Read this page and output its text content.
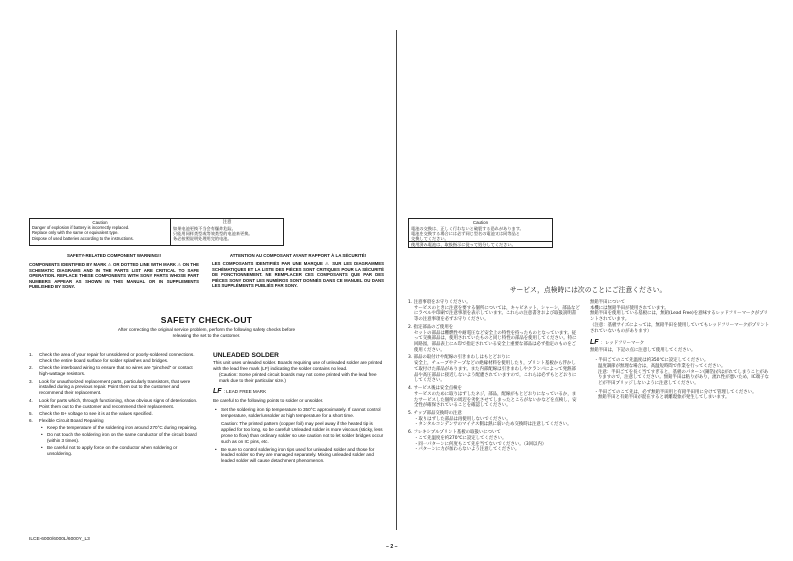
Caution
Danger of explosion if battery is incorrectly replaced.
Replace only with the same or equivalent type.
Dispose of used batteries according to the instructions.
注意
如果电池更换不当会有爆炸危险。
只能用同样类型或等效类型的电池来更换。
务必按照说明处理用完的电池。
SAFETY-RELATED COMPONENT WARNING!!
COMPONENTS IDENTIFIED BY MARK ⚠ OR DOTTED LINE WITH MARK ⚠ ON THE SCHEMATIC DIAGRAMS AND IN THE PARTS LIST ARE CRITICAL TO SAFE OPERATION. REPLACE THESE COMPONENTS WITH SONY PARTS WHOSE PART NUMBERS APPEAR AS SHOWN IN THIS MANUAL OR IN SUPPLEMENTS PUBLISHED BY SONY.
ATTENTION AU COMPOSANT AYANT RAPPORT À LA SÉCURITÉ!
LES COMPOSANTS IDENTIFIÉS PAR UNE MARQUE ⚠ SUR LES DIAGRAMMES SCHÉMATIQUES ET LA LISTE DES PIÈCES SONT CRITIQUES POUR LA SÉCURITÉ DE FONCTIONNEMENT. NE REMPLACER CES COMPOSANTS QUE PAR DES PIÈCES SONY DONT LES NUMÉROS SONT DONNÉS DANS CE MANUEL OU DANS LES SUPPLÉMENTS PUBLIÉS PAR SONY.
SAFETY CHECK-OUT
After correcting the original service problem, perform the following safety checks before releasing the set to the customer.
1. Check the area of your repair for unsoldered or poorly-soldered connections. Check the entire board surface for solder splashes and bridges.
2. Check the interboard wiring to ensure that no wires are "pinched" or contact high-wattage resistors.
3. Look for unauthorized replacement parts, particularly transistors, that were installed during a previous repair. Point them out to the customer and recommend their replacement.
4. Look for parts which, through functioning, show obvious signs of deterioration. Point them out to the customer and recommend their replacement.
5. Check the B+ voltage to see it is at the values specified.
6. Flexible Circuit Board Repairing
• Keep the temperature of the soldering iron around 270°C during repairing.
• Do not touch the soldering iron on the same conductor of the circuit board (within 3 times).
• Be careful not to apply force on the conductor when soldering or unsoldering.
UNLEADED SOLDER
This unit uses unleaded solder. Boards requiring use of unleaded solder are printed with the lead free mark (LF) indicating the solder contains no lead.
(Caution: Some printed circuit boards may not come printed with the lead free mark due to their particular size.)
LF : LEAD FREE MARK
Be careful to the following points to solder or unsolder.
• Set the soldering iron tip temperature to 350°C approximately. If cannot control temperature, solder/unsolder at high temperature for a short time.
Caution: The printed pattern (copper foil) may peel away if the heated tip is applied for too long, so be careful! Unleaded solder is more viscous (sticky, less prone to flow) than ordinary solder so use caution not to let solder bridges occur such as on IC pins, etc.
• Be sure to control soldering iron tips used for unleaded solder and those for leaded solder so they are managed separately. Mixing unleaded solder and leaded solder will cause detachment phenomenon.
ILCE-6000/6000L/6000Y_L3
– 2 –
Caution
電池の交換は、正しく行わないと破裂する恐れがあります。
電池を交換する場合には必ず同じ型名の電池又は同等品と
交換してください。
使用済み電池は、取扱指示に従って処分してください。
サービス，点検時には次のことにご注意ください。
1. 注意事項をお守りください。
サービスのときに注意を要する個所については，キャビネット，シャーシ，部品などにラベルや印刷で注意事項を表示しています。これらの注意書きおよび取扱説明書等の注意事項を必ずお守りください。
2. 指定部品のご使用を
セットの部品は難燃性や耐電圧など安全上の特性を持ったものとなっています。従って交換部品は，使用されていたものと同じ特性の部品を使用してください。特に回路図，部品表上に⚠印で指定されている安全上重要な部品は必ず指定のものをご使用ください。
3. 部品の取付けや配線の引きまわしはもとどおりに
安全上，チューブやテープなどの絶縁材料を使用したり，プリント基板から浮かして取付けた部品があります。また内部配線は引きまわしやクランパによって発熱部品や高圧部品に接近しないよう配慮されていますので，これらは必ずもとどおりにしてください。
4. サービス後は安全点検を
サービスのために取りはずしたネジ，部品，配線がもとどおりになっているか，またサービスした個所の周辺を劣化させてしまったところがないかなどを点検し，安全性が確保されていることを確認してください。
5. チップ部品交換時の注意
・取りはずした部品は再使用しないでください。
・タンタルコンデンサのマイナス側は熱に弱いため交換時は注意してください。
6. フレキシブルプリント基板の取扱いについて
・こて先温度を約270℃に設定してください。
・同一パターンに何度もこて先を当てないでください。（3回以内）
・パターンに力が加わらないよう注意してください。
無鉛半田について
本機には無鉛半田が使用されています。
無鉛半田を使用している基板には，無鉛(Lead Free)を意味するレッドフリーマークがプリントされています。
（注意：基板サイズによっては，無鉛半田を使用していてもレッドフリーマークがプリントされていないものがあります）
LF ：レッドフリーマーク
無鉛半田は，下記の点に注意して使用してください。
・半田ごてのこて先温度は約350℃に設定してください。
温度調節が無理な場合は，高温短時間で作業を行ってください。
注意：半田ごてを長く当てすぎると，基板のパターン(銅箔)がはがれてしまうことがありますので，注意してください。無鉛半田は粘りがあり，流れ性が悪いため，IC端子などが半田ブリッジしないように注意してください。
・半田ごてのこて先は，必ず無鉛半田用と有鉛半田用に分けて管理してください。
無鉛半田と有鉛半田が混在すると剥離現象が発生してしまいます。
